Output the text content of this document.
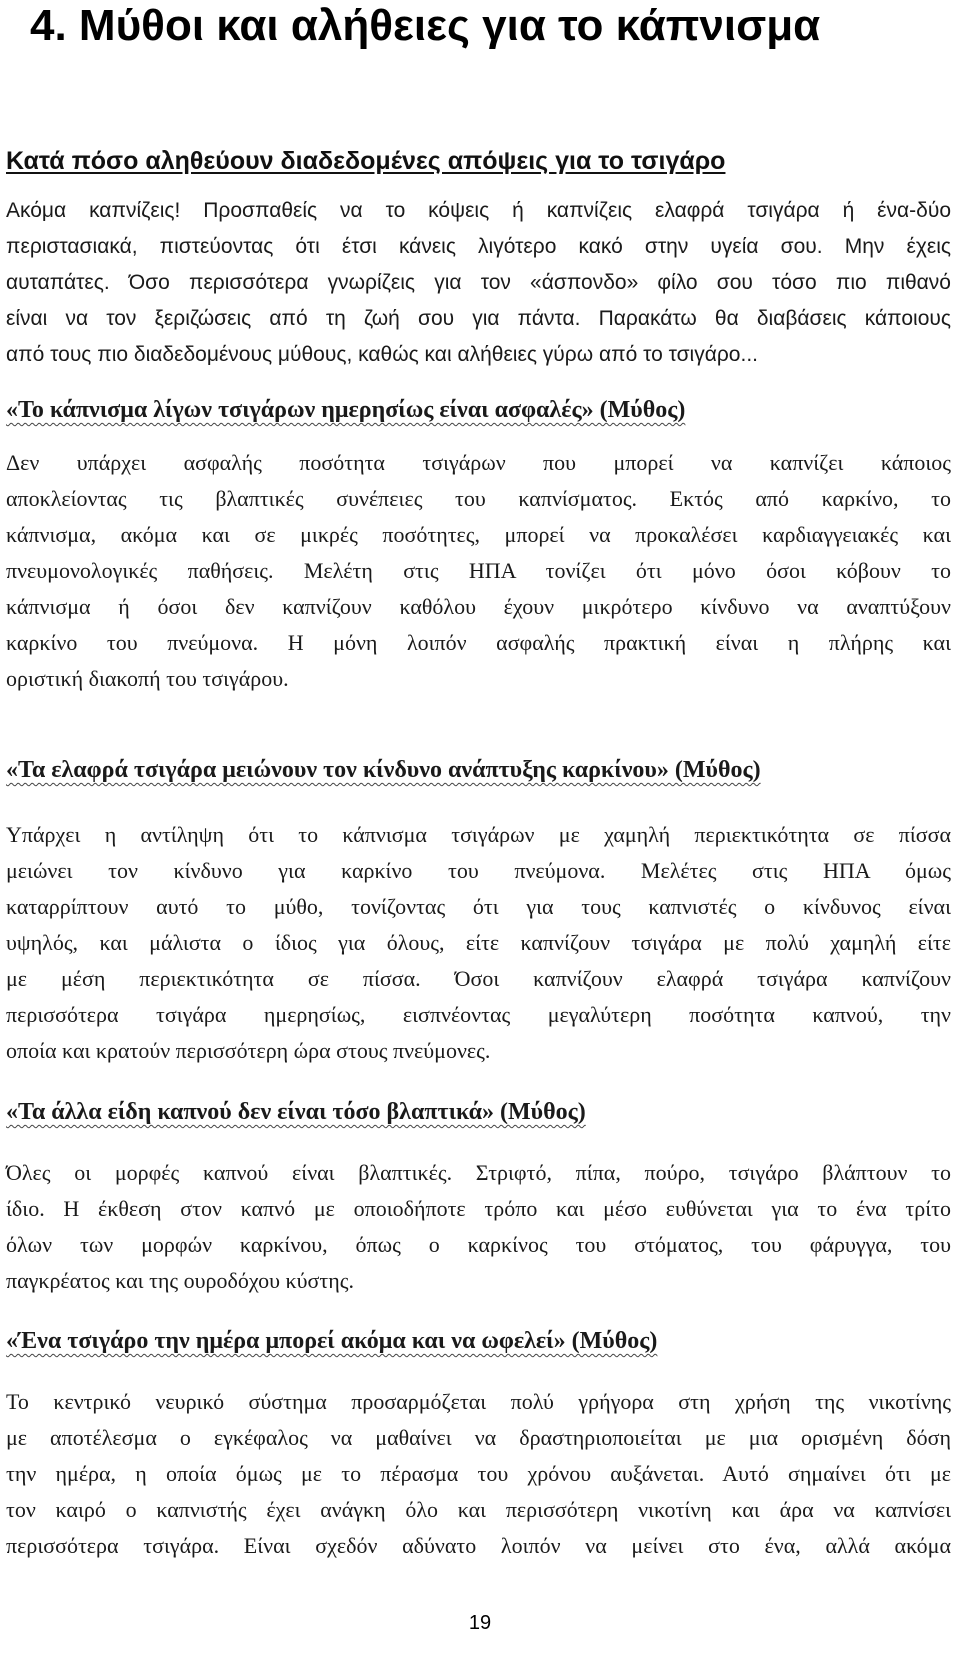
4. Μύθοι και αλήθειες για το κάπνισμα
Κατά πόσο αληθεύουν διαδεδομένες απόψεις για το τσιγάρο

Ακόμα καπνίζεις! Προσπαθείς να το κόψεις ή καπνίζεις ελαφρά τσιγάρα ή ένα-δύο
περιστασιακά, πιστεύοντας ότι έτσι κάνεις λιγότερο κακό στην υγεία σου. Μην έχεις
αυταπάτες. Όσο περισσότερα γνωρίζεις για τον «άσπονδο» φίλο σου τόσο πιο πιθανό
είναι να τον ξεριζώσεις από τη ζωή σου για πάντα. Παρακάτω θα διαβάσεις κάποιους
από τους πιο διαδεδομένους μύθους, καθώς και αλήθειες γύρω από το τσιγάρο...

«Το κάπνισμα λίγων τσιγάρων ημερησίως είναι ασφαλές» (Μύθος)

Δεν υπάρχει ασφαλής ποσότητα τσιγάρων που μπορεί να καπνίζει κάποιος
αποκλείοντας τις βλαπτικές συνέπειες του καπνίσματος. Εκτός από καρκίνο, το
κάπνισμα, ακόμα και σε μικρές ποσότητες, μπορεί να προκαλέσει καρδιαγγειακές και
πνευμονολογικές παθήσεις. Μελέτη στις ΗΠΑ τονίζει ότι μόνο όσοι κόβουν το
κάπνισμα ή όσοι δεν καπνίζουν καθόλου έχουν μικρότερο κίνδυνο να αναπτύξουν
καρκίνο του πνεύμονα. Η μόνη λοιπόν ασφαλής πρακτική είναι η πλήρης και
οριστική διακοπή του τσιγάρου.

«Τα ελαφρά τσιγάρα μειώνουν τον κίνδυνο ανάπτυξης καρκίνου» (Μύθος)

Υπάρχει η αντίληψη ότι το κάπνισμα τσιγάρων με χαμηλή περιεκτικότητα σε πίσσα
μειώνει τον κίνδυνο για καρκίνο του πνεύμονα. Μελέτες στις ΗΠΑ όμως
καταρρίπτουν αυτό το μύθο, τονίζοντας ότι για τους καπνιστές ο κίνδυνος είναι
υψηλός, και μάλιστα ο ίδιος για όλους, είτε καπνίζουν τσιγάρα με πολύ χαμηλή είτε
με μέση περιεκτικότητα σε πίσσα. Όσοι καπνίζουν ελαφρά τσιγάρα καπνίζουν
περισσότερα τσιγάρα ημερησίως, εισπνέοντας μεγαλύτερη ποσότητα καπνού, την
οποία και κρατούν περισσότερη ώρα στους πνεύμονες.

«Τα άλλα είδη καπνού δεν είναι τόσο βλαπτικά» (Μύθος)

Όλες οι μορφές καπνού είναι βλαπτικές. Στριφτό, πίπα, πούρο, τσιγάρο βλάπτουν το
ίδιο. Η έκθεση στον καπνό με οποιοδήποτε τρόπο και μέσο ευθύνεται για το ένα τρίτο
όλων των μορφών καρκίνου, όπως ο καρκίνος του στόματος, του φάρυγγα, του
παγκρέατος και της ουροδόχου κύστης.

«Ένα τσιγάρο την ημέρα μπορεί ακόμα και να ωφελεί» (Μύθος)

Το κεντρικό νευρικό σύστημα προσαρμόζεται πολύ γρήγορα στη χρήση της νικοτίνης
με αποτέλεσμα ο εγκέφαλος να μαθαίνει να δραστηριοποιείται με μια ορισμένη δόση
την ημέρα, η οποία όμως με το πέρασμα του χρόνου αυξάνεται. Αυτό σημαίνει ότι με
τον καιρό ο καπνιστής έχει ανάγκη όλο και περισσότερη νικοτίνη και άρα να καπνίσει
περισσότερα τσιγάρα. Είναι σχεδόν αδύνατο λοιπόν να μείνει στο ένα, αλλά ακόμα

19
